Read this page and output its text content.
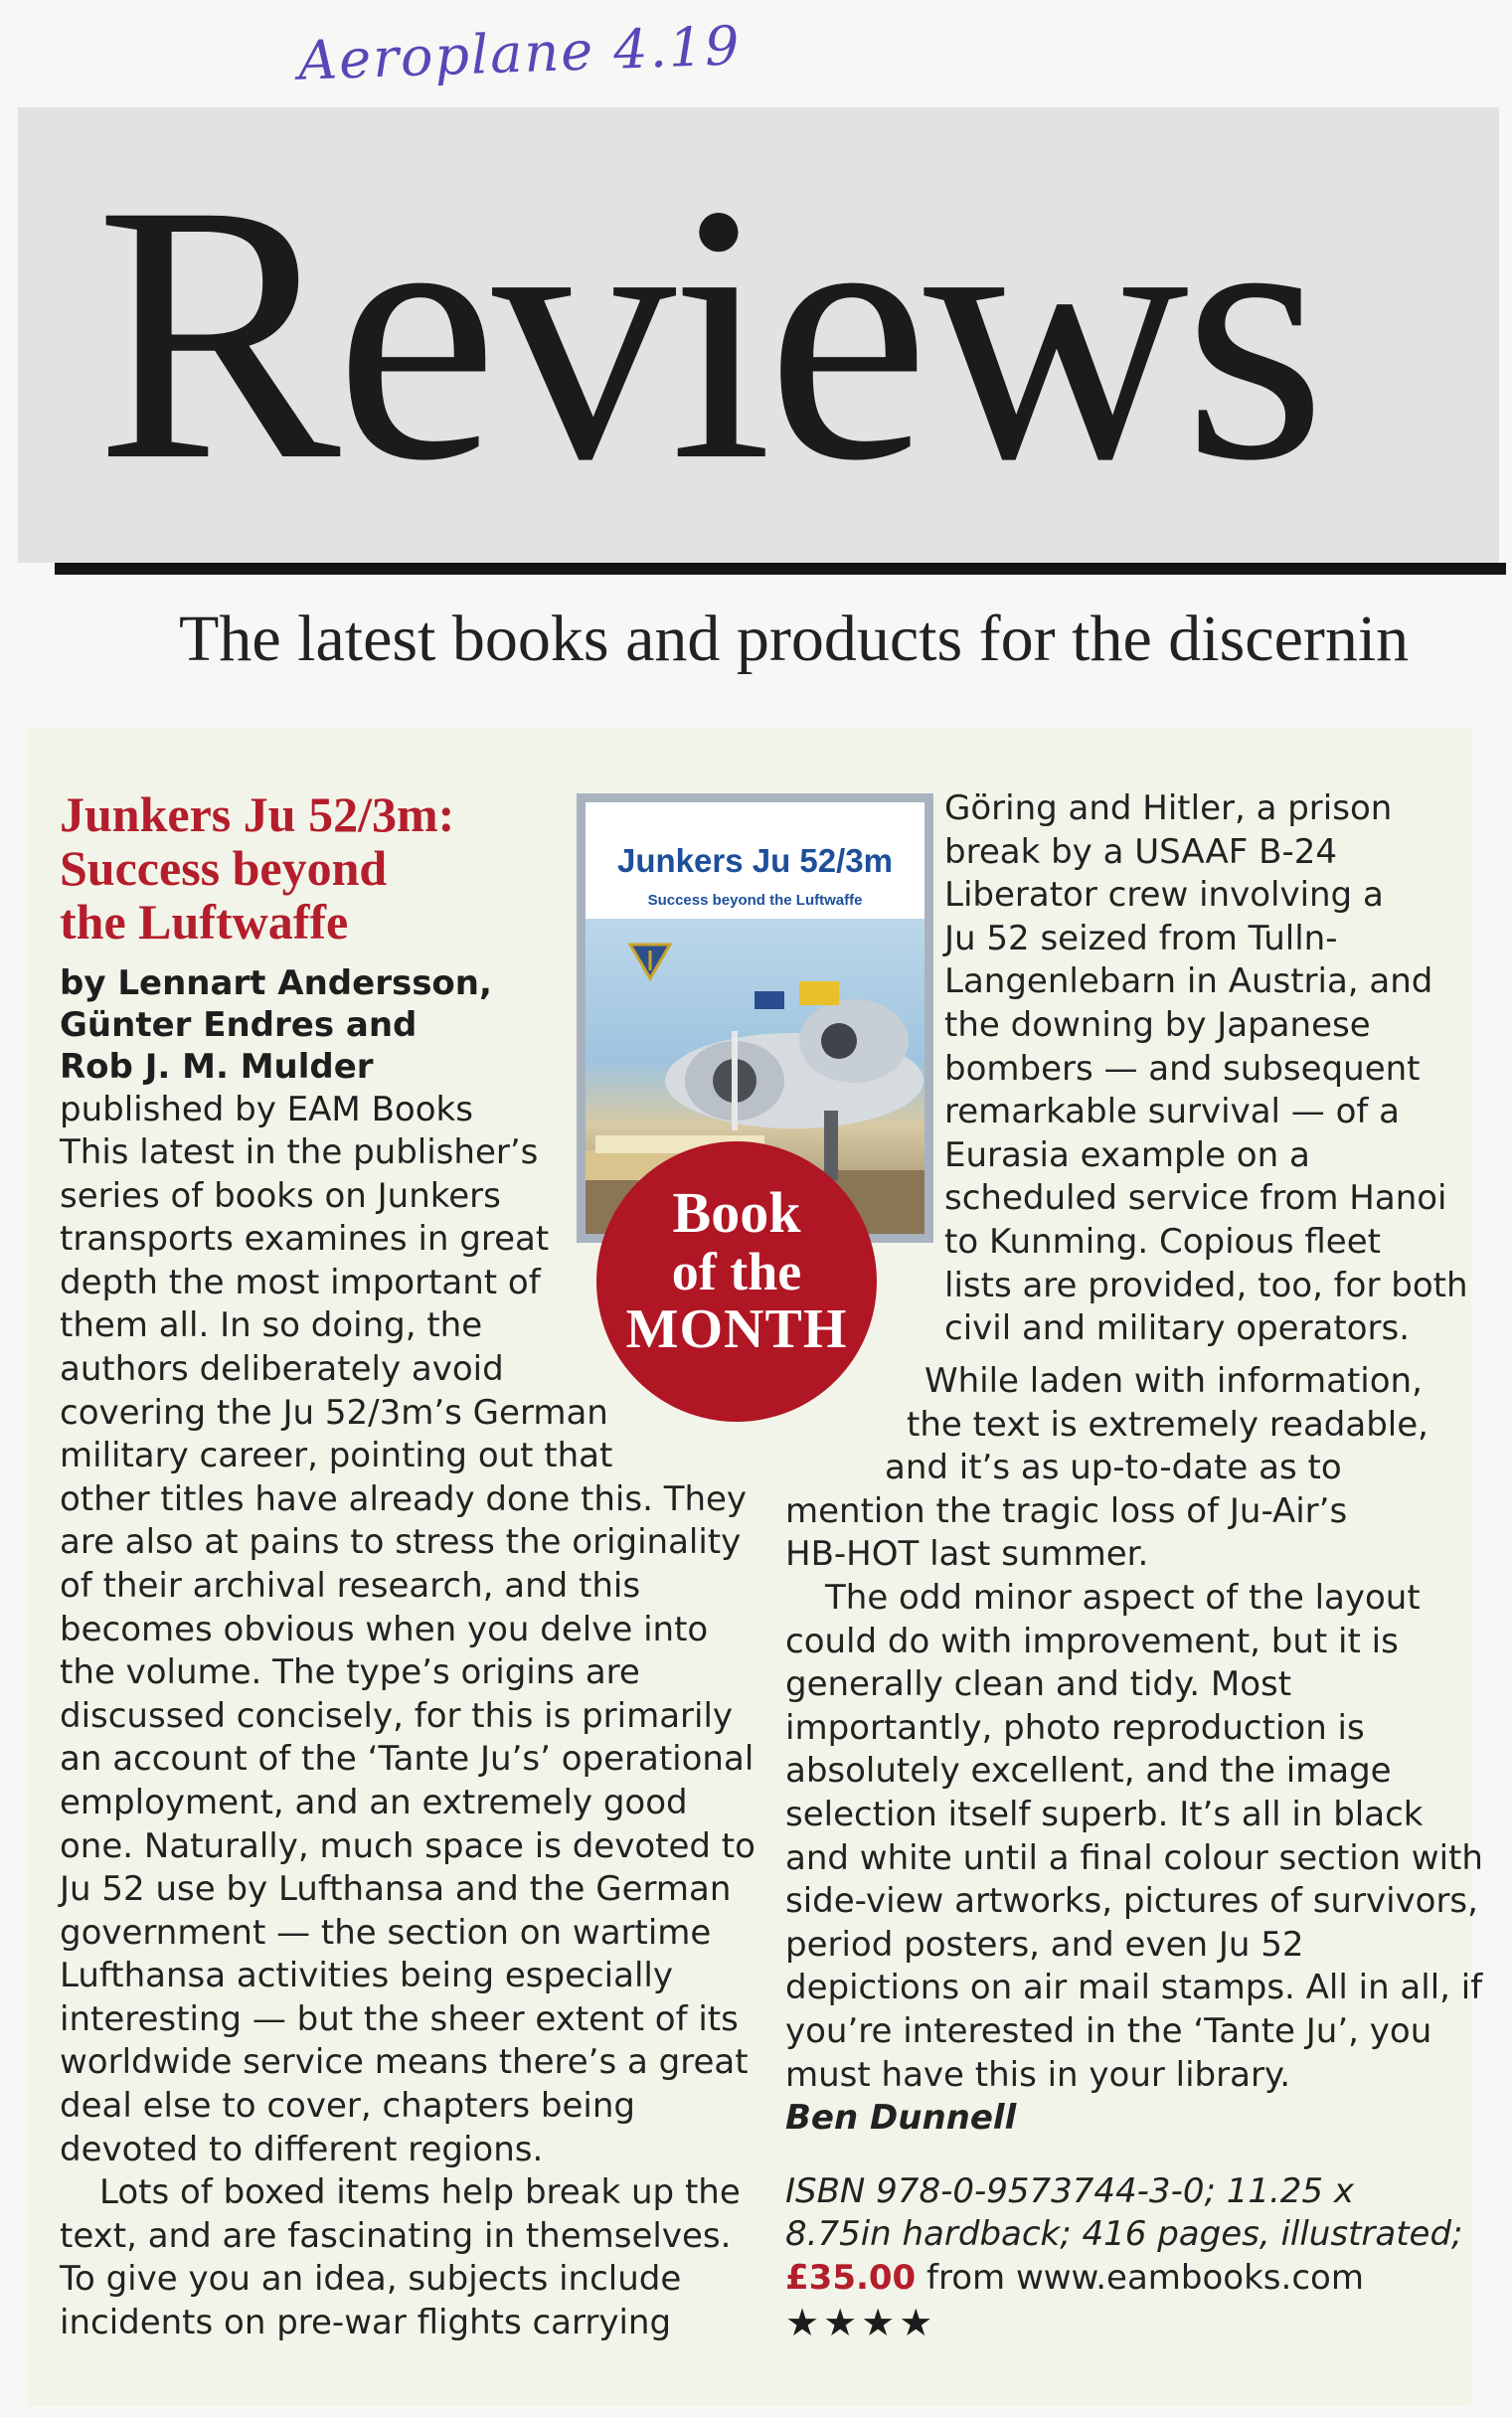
Aeroplane 4.19
Reviews
The latest books and products for the discernin
Junkers Ju 52/3m:
Success beyond
the Luftwaffe
by Lennart Andersson,
Günter Endres and
Rob J. M. Mulder
published by EAM Books
This latest in the publisher’s
series of books on Junkers
transports examines in great
depth the most important of
them all. In so doing, the
authors deliberately avoid
covering the Ju 52/3m’s German
military career, pointing out that
other titles have already done this. They
are also at pains to stress the originality
of their archival research, and this
becomes obvious when you delve into
the volume. The type’s origins are
discussed concisely, for this is primarily
an account of the ‘Tante Ju’s’ operational
employment, and an extremely good
one. Naturally, much space is devoted to
Ju 52 use by Lufthansa and the German
government — the section on wartime
Lufthansa activities being especially
interesting — but the sheer extent of its
worldwide service means there’s a great
deal else to cover, chapters being
devoted to different regions.
Lots of boxed items help break up the
text, and are fascinating in themselves.
To give you an idea, subjects include
incidents on pre-war flights carrying
Junkers Ju 52/3m
Success beyond the Luftwaffe
Book
of the
MONTH
Göring and Hitler, a prison
break by a USAAF B-24
Liberator crew involving a
Ju 52 seized from Tulln-
Langenlebarn in Austria, and
the downing by Japanese
bombers — and subsequent
remarkable survival — of a
Eurasia example on a
scheduled service from Hanoi
to Kunming. Copious fleet
lists are provided, too, for both
civil and military operators.
While laden with information,
the text is extremely readable,
and it’s as up-to-date as to
mention the tragic loss of Ju-Air’s
HB-HOT last summer.
The odd minor aspect of the layout
could do with improvement, but it is
generally clean and tidy. Most
importantly, photo reproduction is
absolutely excellent, and the image
selection itself superb. It’s all in black
and white until a final colour section with
side-view artworks, pictures of survivors,
period posters, and even Ju 52
depictions on air mail stamps. All in all, if
you’re interested in the ‘Tante Ju’, you
must have this in your library.
Ben Dunnell
ISBN 978-0-9573744-3-0; 11.25 x
8.75in hardback; 416 pages, illustrated;
£35.00 from www.eambooks.com
★★★★
